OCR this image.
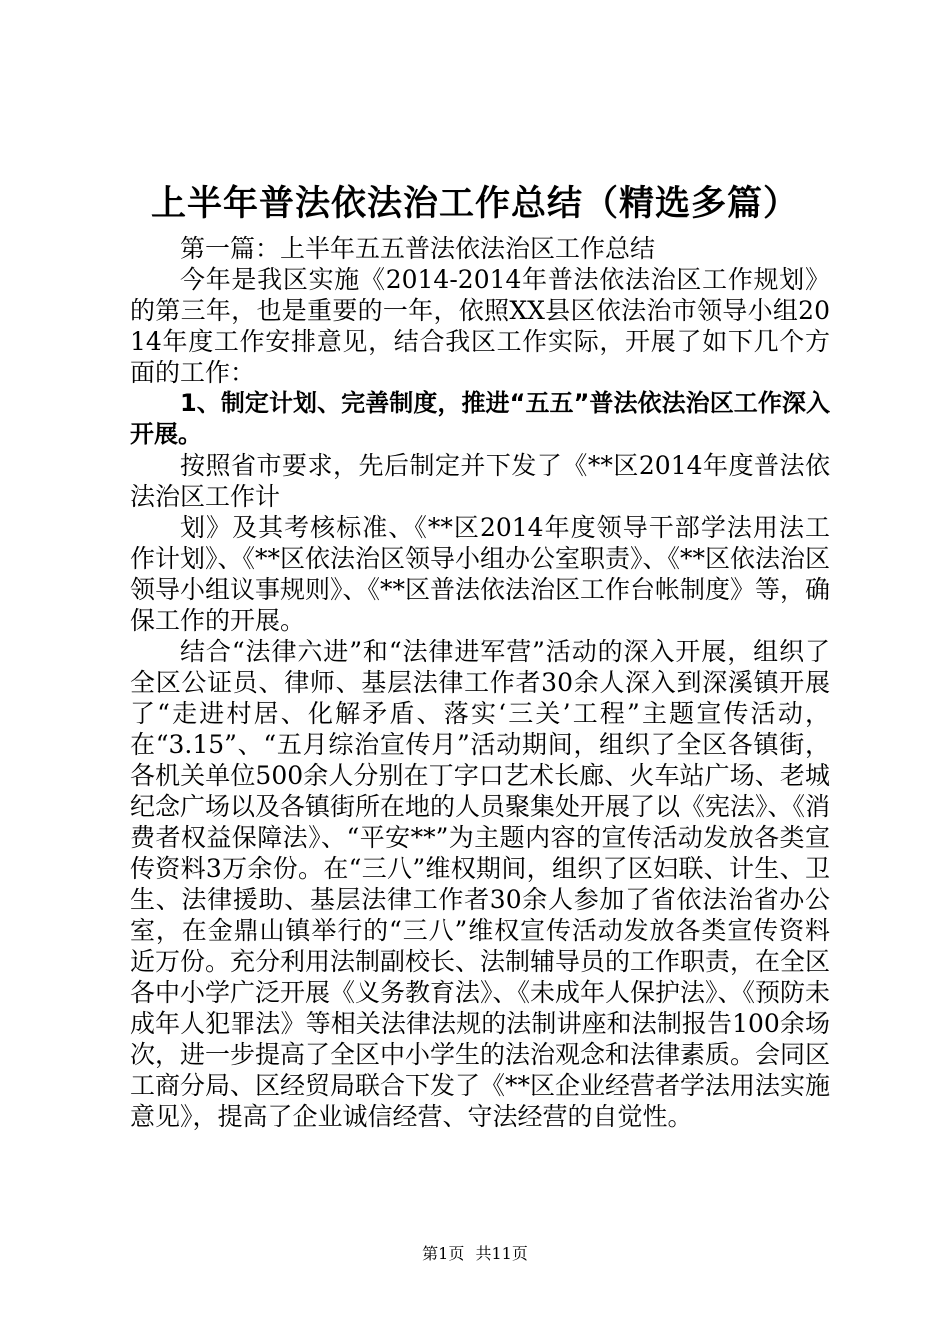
上半年普法依法治工作总结（精选多篇）

第一篇：上半年五五普法依法治区工作总结

今年是我区实施《2014-2014年普法依法治区工作规划》的第三年，也是重要的一年，依照XX县区依法治市领导小组2014年度工作安排意见，结合我区工作实际，开展了如下几个方面的工作：

1、制定计划、完善制度，推进“五五”普法依法治区工作深入开展。

按照省市要求，先后制定并下发了《**区2014年度普法依法治区工作计

划》及其考核标准、《**区2014年度领导干部学法用法工作计划》、《**区依法治区领导小组办公室职责》、《**区依法治区领导小组议事规则》、《**区普法依法治区工作台帐制度》等，确保工作的开展。

结合“法律六进”和“法律进军营”活动的深入开展，组织了全区公证员、律师、基层法律工作者30余人深入到深溪镇开展了“走进村居、化解矛盾、落实‘三关’工程”主题宣传活动，在“3.15”、“五月综治宣传月”活动期间，组织了全区各镇街，各机关单位500余人分别在丁字口艺术长廊、火车站广场、老城纪念广场以及各镇街所在地的人员聚集处开展了以《宪法》、《消费者权益保障法》、“平安**”为主题内容的宣传活动发放各类宣传资料3万余份。在“三八”维权期间，组织了区妇联、计生、卫生、法律援助、基层法律工作者30余人参加了省依法治省办公室，在金鼎山镇举行的“三八”维权宣传活动发放各类宣传资料近万份。充分利用法制副校长、法制辅导员的工作职责，在全区各中小学广泛开展《义务教育法》、《未成年人保护法》、《预防未成年人犯罪法》等相关法律法规的法制讲座和法制报告100余场次，进一步提高了全区中小学生的法治观念和法律素质。会同区工商分局、区经贸局联合下发了《**区企业经营者学法用法实施意见》，提高了企业诚信经营、守法经营的自觉性。

第1页 共11页
